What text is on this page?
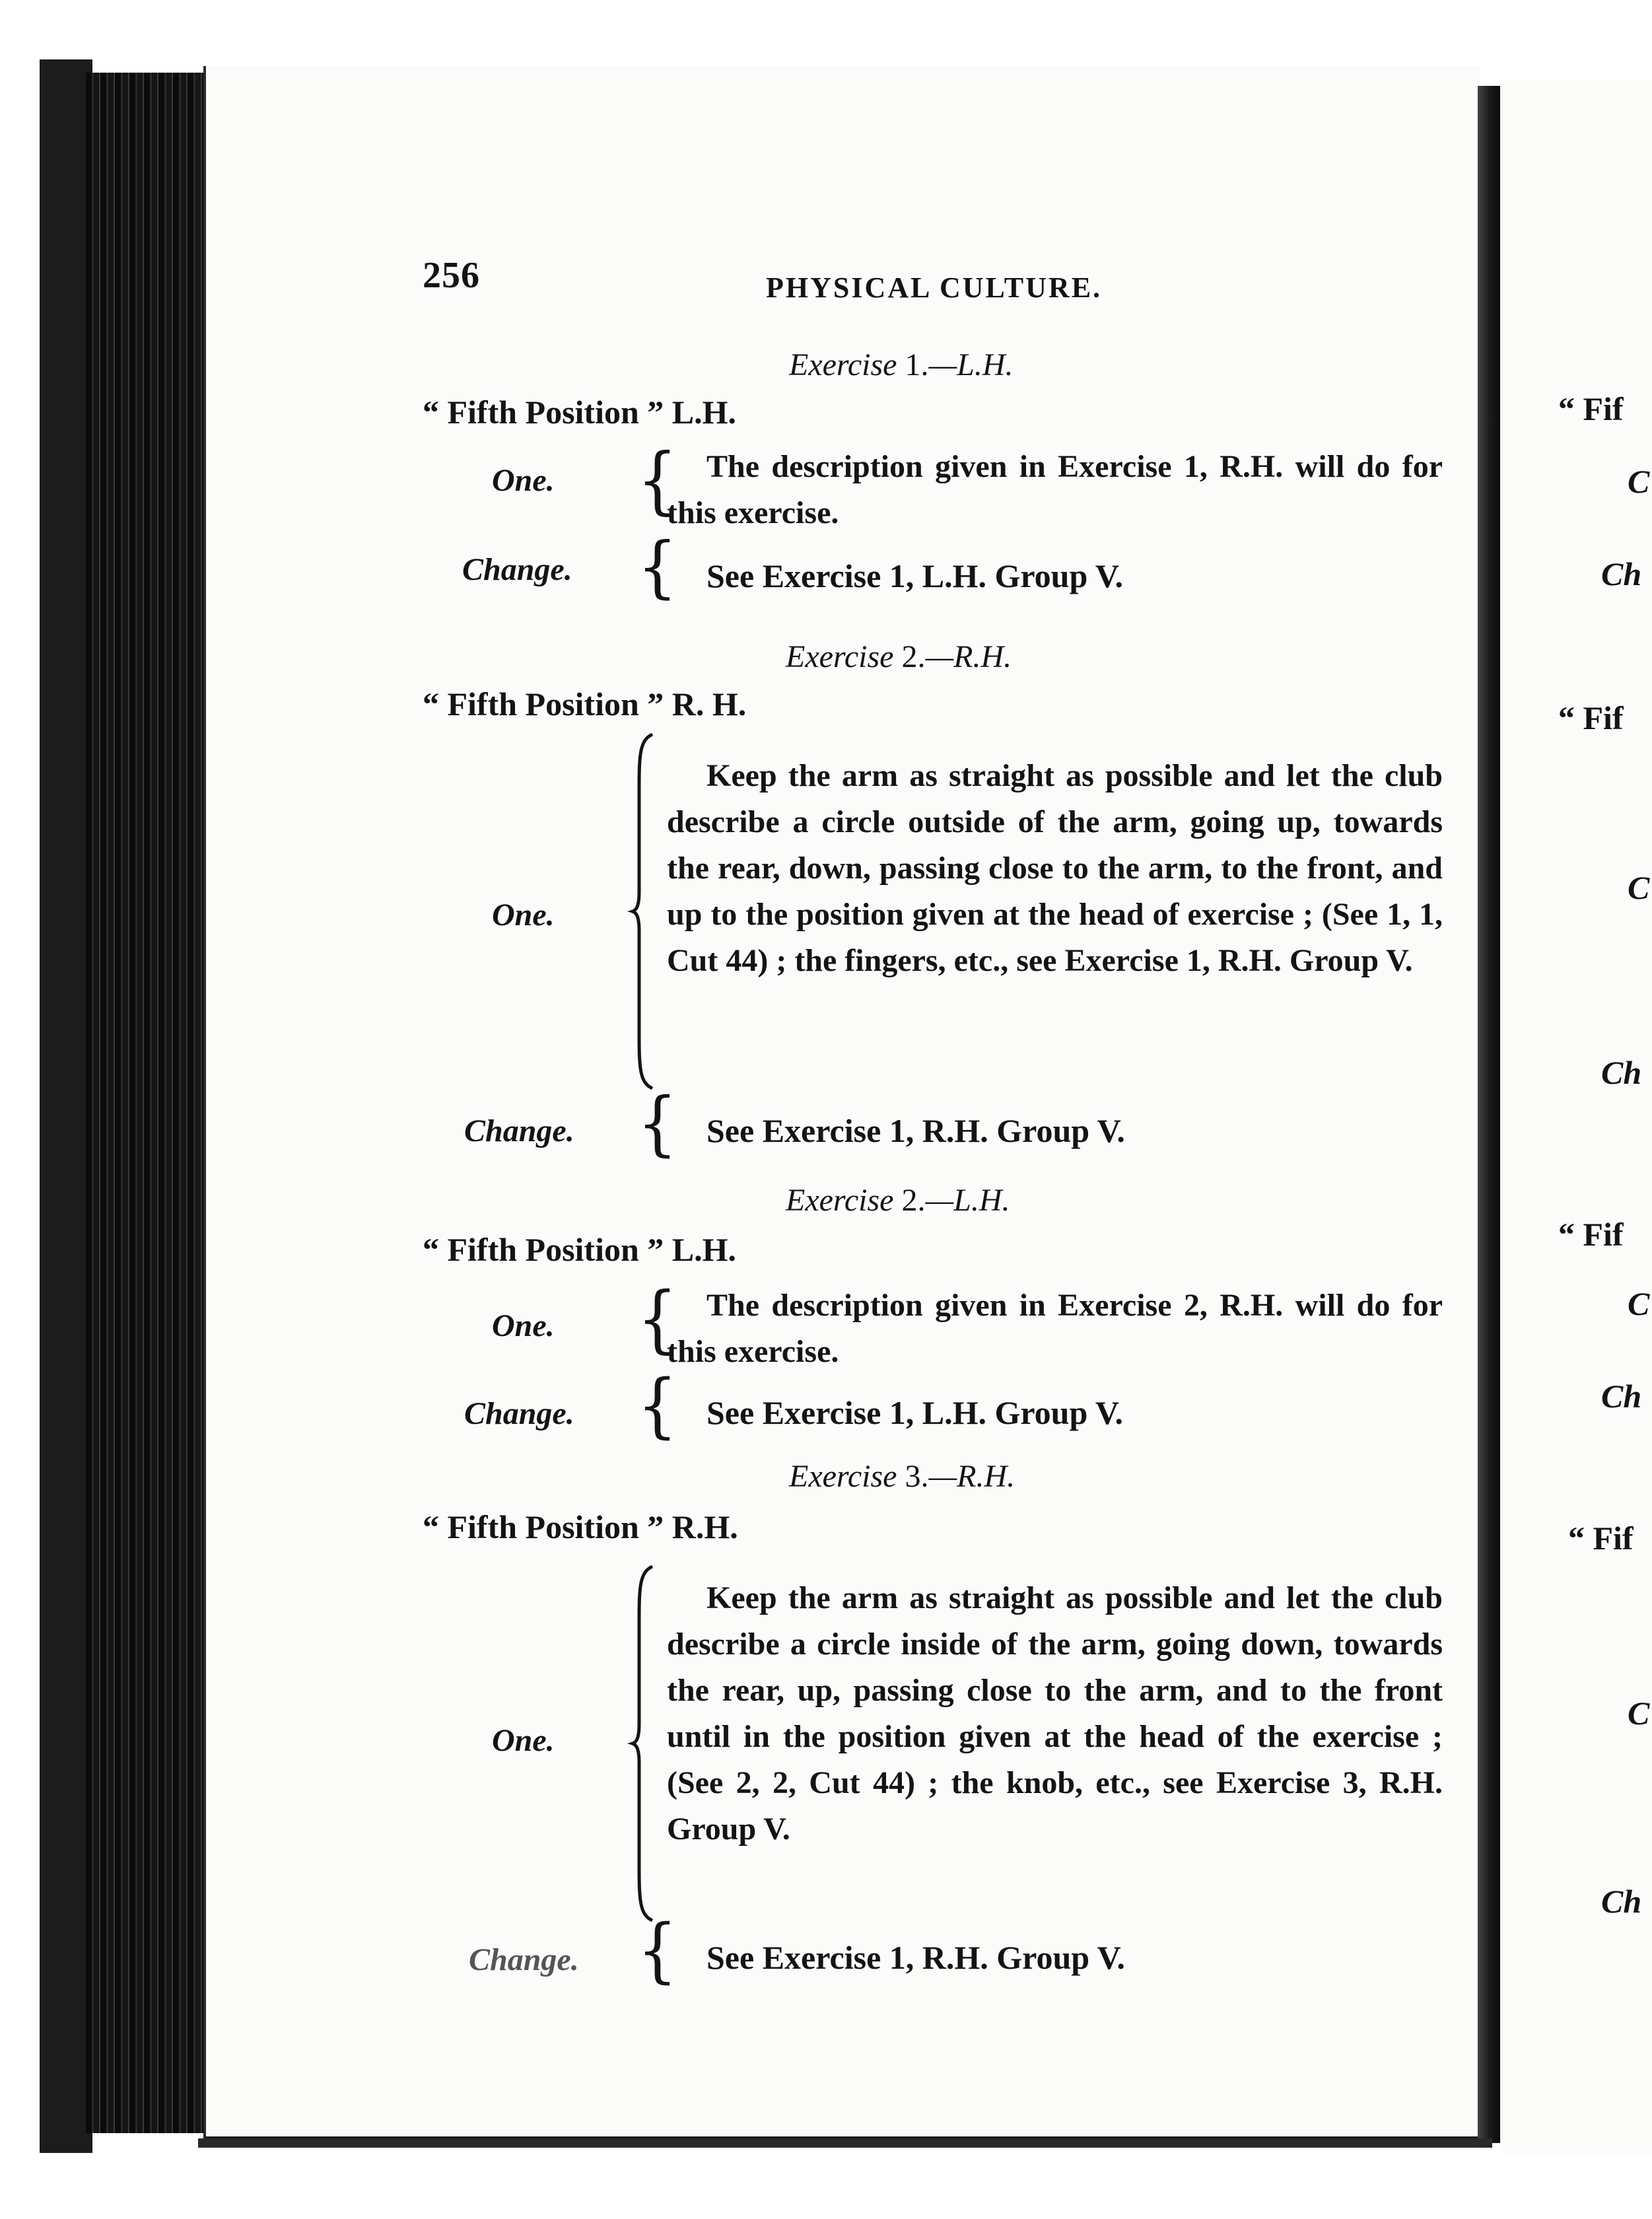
256	PHYSICAL CULTURE.
Exercise 1.—L.H.
“ Fifth Position ” L.H.
One. { The description given in Exercise 1, R.H. will do for this exercise.
Change. { See Exercise 1, L.H. Group V.
Exercise 2.—R.H.
“ Fifth Position ” R. H.
One.
Keep the arm as straight as possible and let the club describe a circle outside of the arm, going up, towards the rear, down, passing close to the arm, to the front, and up to the position given at the head of exercise ; (See 1, 1, Cut 44) ; the fingers, etc., see Exercise 1, R.H. Group V.
Change. { See Exercise 1, R.H. Group V.
Exercise 2.—L.H.
“ Fifth Position ” L.H.
One. { The description given in Exercise 2, R.H. will do for this exercise.
Change. { See Exercise 1, L.H. Group V.
Exercise 3.—R.H.
“ Fifth Position ” R.H.
One.
Keep the arm as straight as possible and let the club describe a circle inside of the arm, going down, towards the rear, up, passing close to the arm, and to the front until in the position given at the head of the exercise ; (See 2, 2, Cut 44) ; the knob, etc., see Exercise 3, R.H. Group V.
Change. { See Exercise 1, R.H. Group V.
“ Fif
C
Ch
“ Fif
C
Ch
“ Fif
C
Ch
“ Fif
C
Ch
